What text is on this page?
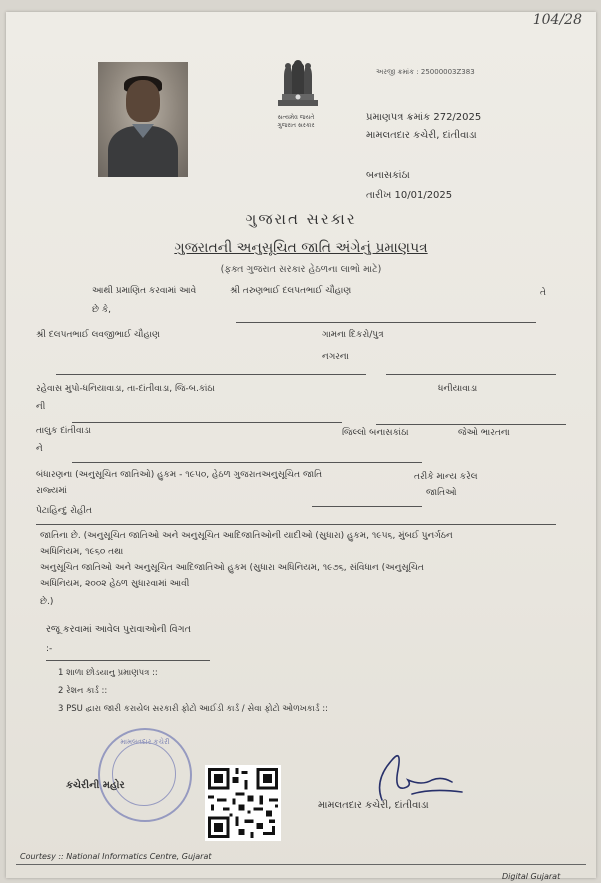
104/28
સત્યમેવ જયતે
ગુજરાત સરકાર
અરજી ક્રમાંક : 25000003Z383
પ્રમાણપત્ર ક્રમાંક 272/2025
મામલતદાર કચેરી, દાંતીવાડા
બનાસકાંઠા
તારીખ 10/01/2025
ગુજરાત સરકાર
ગુજરાતની અનુસૂચિત જાતિ અંગેનું પ્રમાણપત્ર
(ફક્ત ગુજરાત સરકાર હેઠળના લાભો માટે)
આથી પ્રમાણિત કરવામાં આવે	શ્રી તરુણભાઈ દલપતભાઈ ચૌહાણ	તે
છે કે,
શ્રી દલપતભાઈ લવજીભાઈ ચૌહાણ	ગામના દિકરો/પુત્ર
નગરના
રહેવાસ મુપો-ધનિયાવાડા, તા-દાંતીવાડા, જિ-બ.કાંઠા	ધનીયાવાડા
ની
તાલુક દાંતીવાડા	જિલ્લો બનાસકાંઠા	જેઓ ભારતના
ને
બંધારણના (અનુસૂચિત જાતિઓ) હુકમ - ૧૯૫૦, હેઠળ ગુજરાતઅનુસૂચિત જાતિ	તરીકે માન્ય કરેલ
રાજ્યમાં	જાતિઓ
પેટાહિન્દુ રોહીત
જાતિના છે. (અનુસૂચિત જાતિઓ અને અનુસૂચિત આદિજાતિઓની યાદીઓ (સુધારા) હુકમ, ૧૯૫૬, મુંબઈ પુનર્ગઠન
અધિનિયમ, ૧૯૬૦ તથા
અનુસૂચિત જાતિઓ અને અનુસૂચિત આદિજાતિઓ હુકમ (સુધારા અધિનિયમ, ૧૯૭૬, સંવિધાન (અનુસૂચિત
અધિનિયમ, ૨૦૦૨ હેઠળ સુધારવામાં આવી
છે.)
રજૂ કરવામાં આવેલ પુરાવાઓની વિગત
:-
1 શાળા છોડયાનુ પ્રમાણપત્ર ::
2 રેશન કાર્ડ ::
3 PSU દ્વારા જારી કરાયેલ સરકારી ફોટો આઈડી કાર્ડ / સેવા ફોટો ઓળખકાર્ડ ::
મામલતદાર કચેરી
કચેરીની મહોર
મામલતદાર કચેરી, દાંતીવાડા
Courtesy :: National Informatics Centre, Gujarat
Digital Gujarat
